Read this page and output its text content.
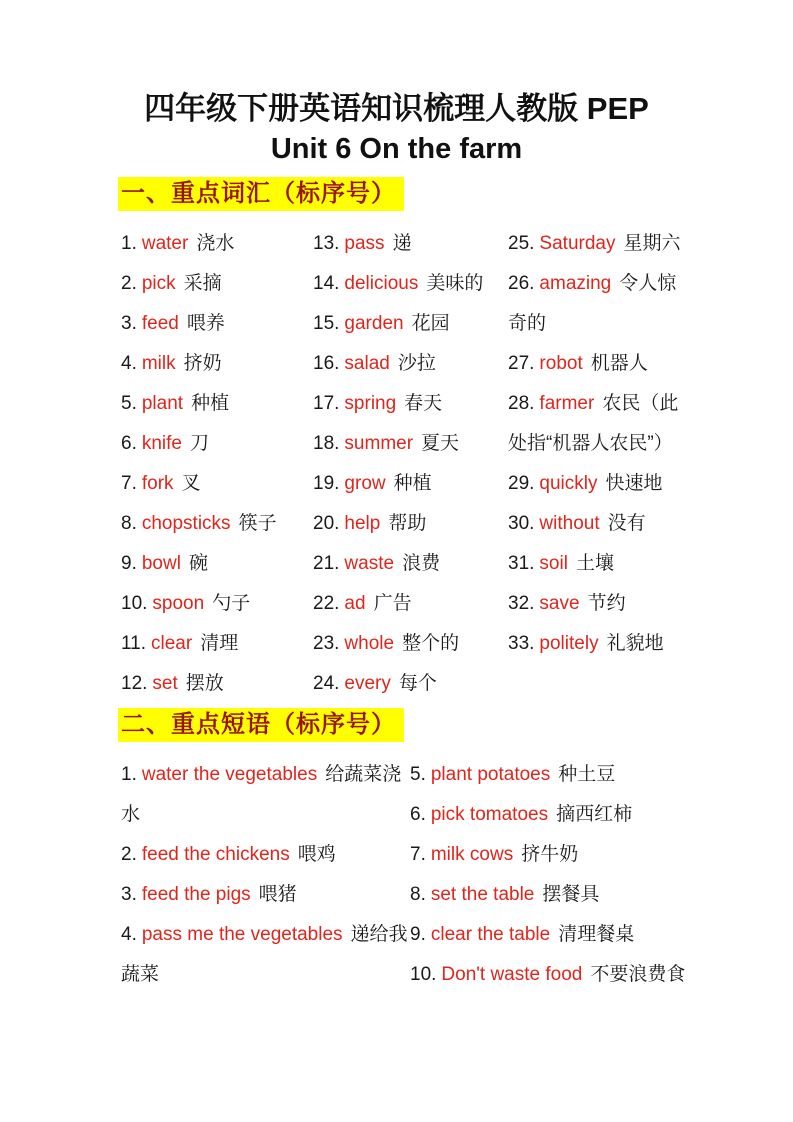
四年级下册英语知识梳理人教版 PEP
Unit 6 On the farm
一、重点词汇（标序号）

1. water 浇水

2. pick 采摘

3. feed 喂养

4. milk 挤奶

5. plant 种植

6. knife 刀

7. fork 叉

8. chopsticks 筷子

9. bowl 碗

10. spoon 勺子

11. clear 清理

12. set 摆放

13. pass 递

14. delicious 美味的

15. garden 花园

16. salad 沙拉

17. spring 春天

18. summer 夏天

19. grow 种植

20. help 帮助

21. waste 浪费

22. ad 广告

23. whole 整个的

24. every 每个

25. Saturday 星期六

26. amazing 令人惊奇的

27. robot 机器人

28. farmer 农民（此处指“机器人农民”）

29. quickly 快速地

30. without 没有

31. soil 土壤

32. save 节约

33. politely 礼貌地

二、重点短语（标序号）

1. water the vegetables 给蔬菜浇水

2. feed the chickens 喂鸡

3. feed the pigs 喂猪

4. pass me the vegetables 递给我蔬菜

5. plant potatoes 种土豆

6. pick tomatoes 摘西红柿

7. milk cows 挤牛奶

8. set the table 摆餐具

9. clear the table 清理餐桌

10. Don't waste food 不要浪费食
